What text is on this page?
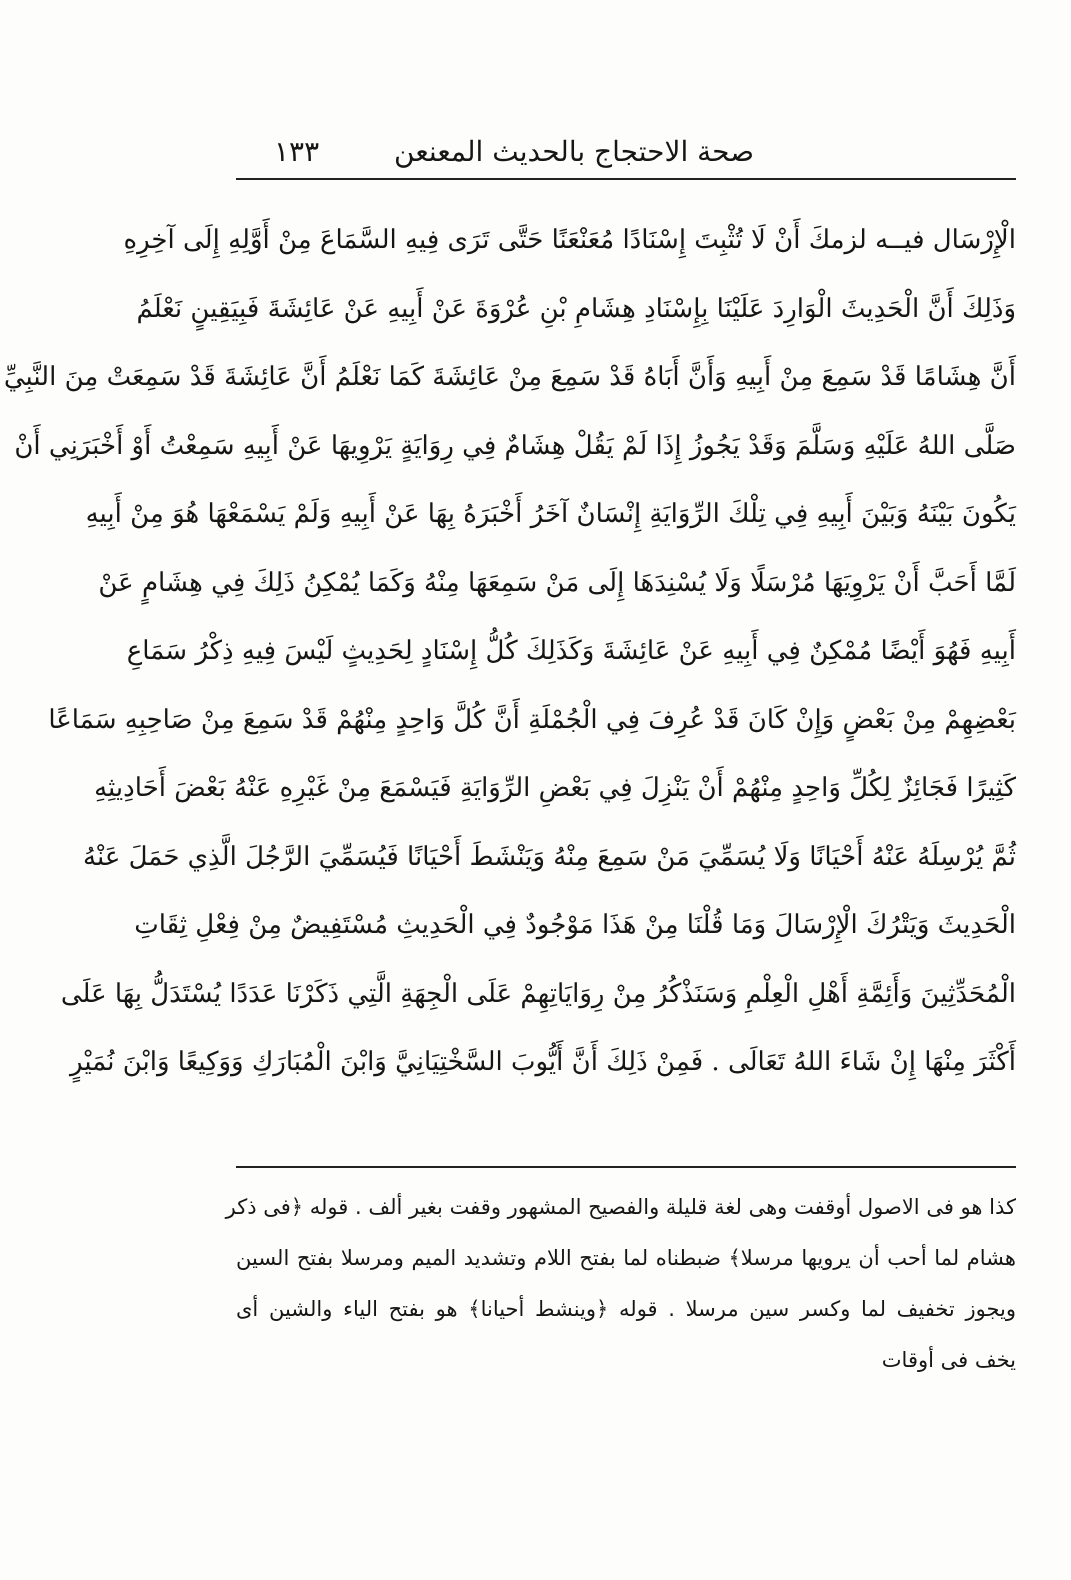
صحة الاحتجاج بالحديث المعنعن
١٣٣
الْإِرْسَال فيــه لزمكَ أَنْ لَا تُثْبِتَ إِسْنَادًا مُعَنْعَنًا حَتَّى تَرَى فِيهِ السَّمَاعَ مِنْ أَوَّلِهِ إِلَى آخِرِهِ
وَذَلِكَ أَنَّ الْحَدِيثَ الْوَارِدَ عَلَيْنَا بِإِسْنَادِ هِشَامِ بْنِ عُرْوَةَ عَنْ أَبِيهِ عَنْ عَائِشَةَ فَبِيَقِينٍ نَعْلَمُ
أَنَّ هِشَامًا قَدْ سَمِعَ مِنْ أَبِيهِ وَأَنَّ أَبَاهُ قَدْ سَمِعَ مِنْ عَائِشَةَ كَمَا نَعْلَمُ أَنَّ عَائِشَةَ قَدْ سَمِعَتْ مِنَ النَّبِيِّ
صَلَّى اللهُ عَلَيْهِ وَسَلَّمَ وَقَدْ يَجُوزُ إِذَا لَمْ يَقُلْ هِشَامٌ فِي رِوَايَةٍ يَرْوِيهَا عَنْ أَبِيهِ سَمِعْتُ أَوْ أَخْبَرَنِي أَنْ
يَكُونَ بَيْنَهُ وَبَيْنَ أَبِيهِ فِي تِلْكَ الرِّوَايَةِ إِنْسَانٌ آخَرُ أَخْبَرَهُ بِهَا عَنْ أَبِيهِ وَلَمْ يَسْمَعْهَا هُوَ مِنْ أَبِيهِ
لَمَّا أَحَبَّ أَنْ يَرْوِيَهَا مُرْسَلًا وَلَا يُسْنِدَهَا إِلَى مَنْ سَمِعَهَا مِنْهُ وَكَمَا يُمْكِنُ ذَلِكَ فِي هِشَامٍ عَنْ
أَبِيهِ فَهُوَ أَيْضًا مُمْكِنٌ فِي أَبِيهِ عَنْ عَائِشَةَ وَكَذَلِكَ كُلُّ إِسْنَادٍ لِحَدِيثٍ لَيْسَ فِيهِ ذِكْرُ سَمَاعِ
بَعْضِهِمْ مِنْ بَعْضٍ وَإِنْ كَانَ قَدْ عُرِفَ فِي الْجُمْلَةِ أَنَّ كُلَّ وَاحِدٍ مِنْهُمْ قَدْ سَمِعَ مِنْ صَاحِبِهِ سَمَاعًا
كَثِيرًا فَجَائِزٌ لِكُلِّ وَاحِدٍ مِنْهُمْ أَنْ يَنْزِلَ فِي بَعْضِ الرِّوَايَةِ فَيَسْمَعَ مِنْ غَيْرِهِ عَنْهُ بَعْضَ أَحَادِيثِهِ
ثُمَّ يُرْسِلَهُ عَنْهُ أَحْيَانًا وَلَا يُسَمِّيَ مَنْ سَمِعَ مِنْهُ وَيَنْشَطَ أَحْيَانًا فَيُسَمِّيَ الرَّجُلَ الَّذِي حَمَلَ عَنْهُ
الْحَدِيثَ وَيَتْرُكَ الْإِرْسَالَ وَمَا قُلْنَا مِنْ هَذَا مَوْجُودٌ فِي الْحَدِيثِ مُسْتَفِيضٌ مِنْ فِعْلِ ثِقَاتِ
الْمُحَدِّثِينَ وَأَئِمَّةِ أَهْلِ الْعِلْمِ وَسَنَذْكُرُ مِنْ رِوَايَاتِهِمْ عَلَى الْجِهَةِ الَّتِي ذَكَرْنَا عَدَدًا يُسْتَدَلُّ بِهَا عَلَى
أَكْثَرَ مِنْهَا إِنْ شَاءَ اللهُ تَعَالَى . فَمِنْ ذَلِكَ أَنَّ أَيُّوبَ السَّخْتِيَانِيَّ وَابْنَ الْمُبَارَكِ وَوَكِيعًا وَابْنَ نُمَيْرٍ
كذا هو فى الاصول أوقفت وهى لغة قليلة والفصيح المشهور وقفت بغير ألف . قوله ﴿فى ذكر
هشام لما أحب أن يرويها مرسلا﴾ ضبطناه لما بفتح اللام وتشديد الميم ومرسلا بفتح السين
ويجوز تخفيف لما وكسر سين مرسلا . قوله ﴿وينشط أحيانا﴾ هو بفتح الياء والشين أى
يخف فى أوقات
